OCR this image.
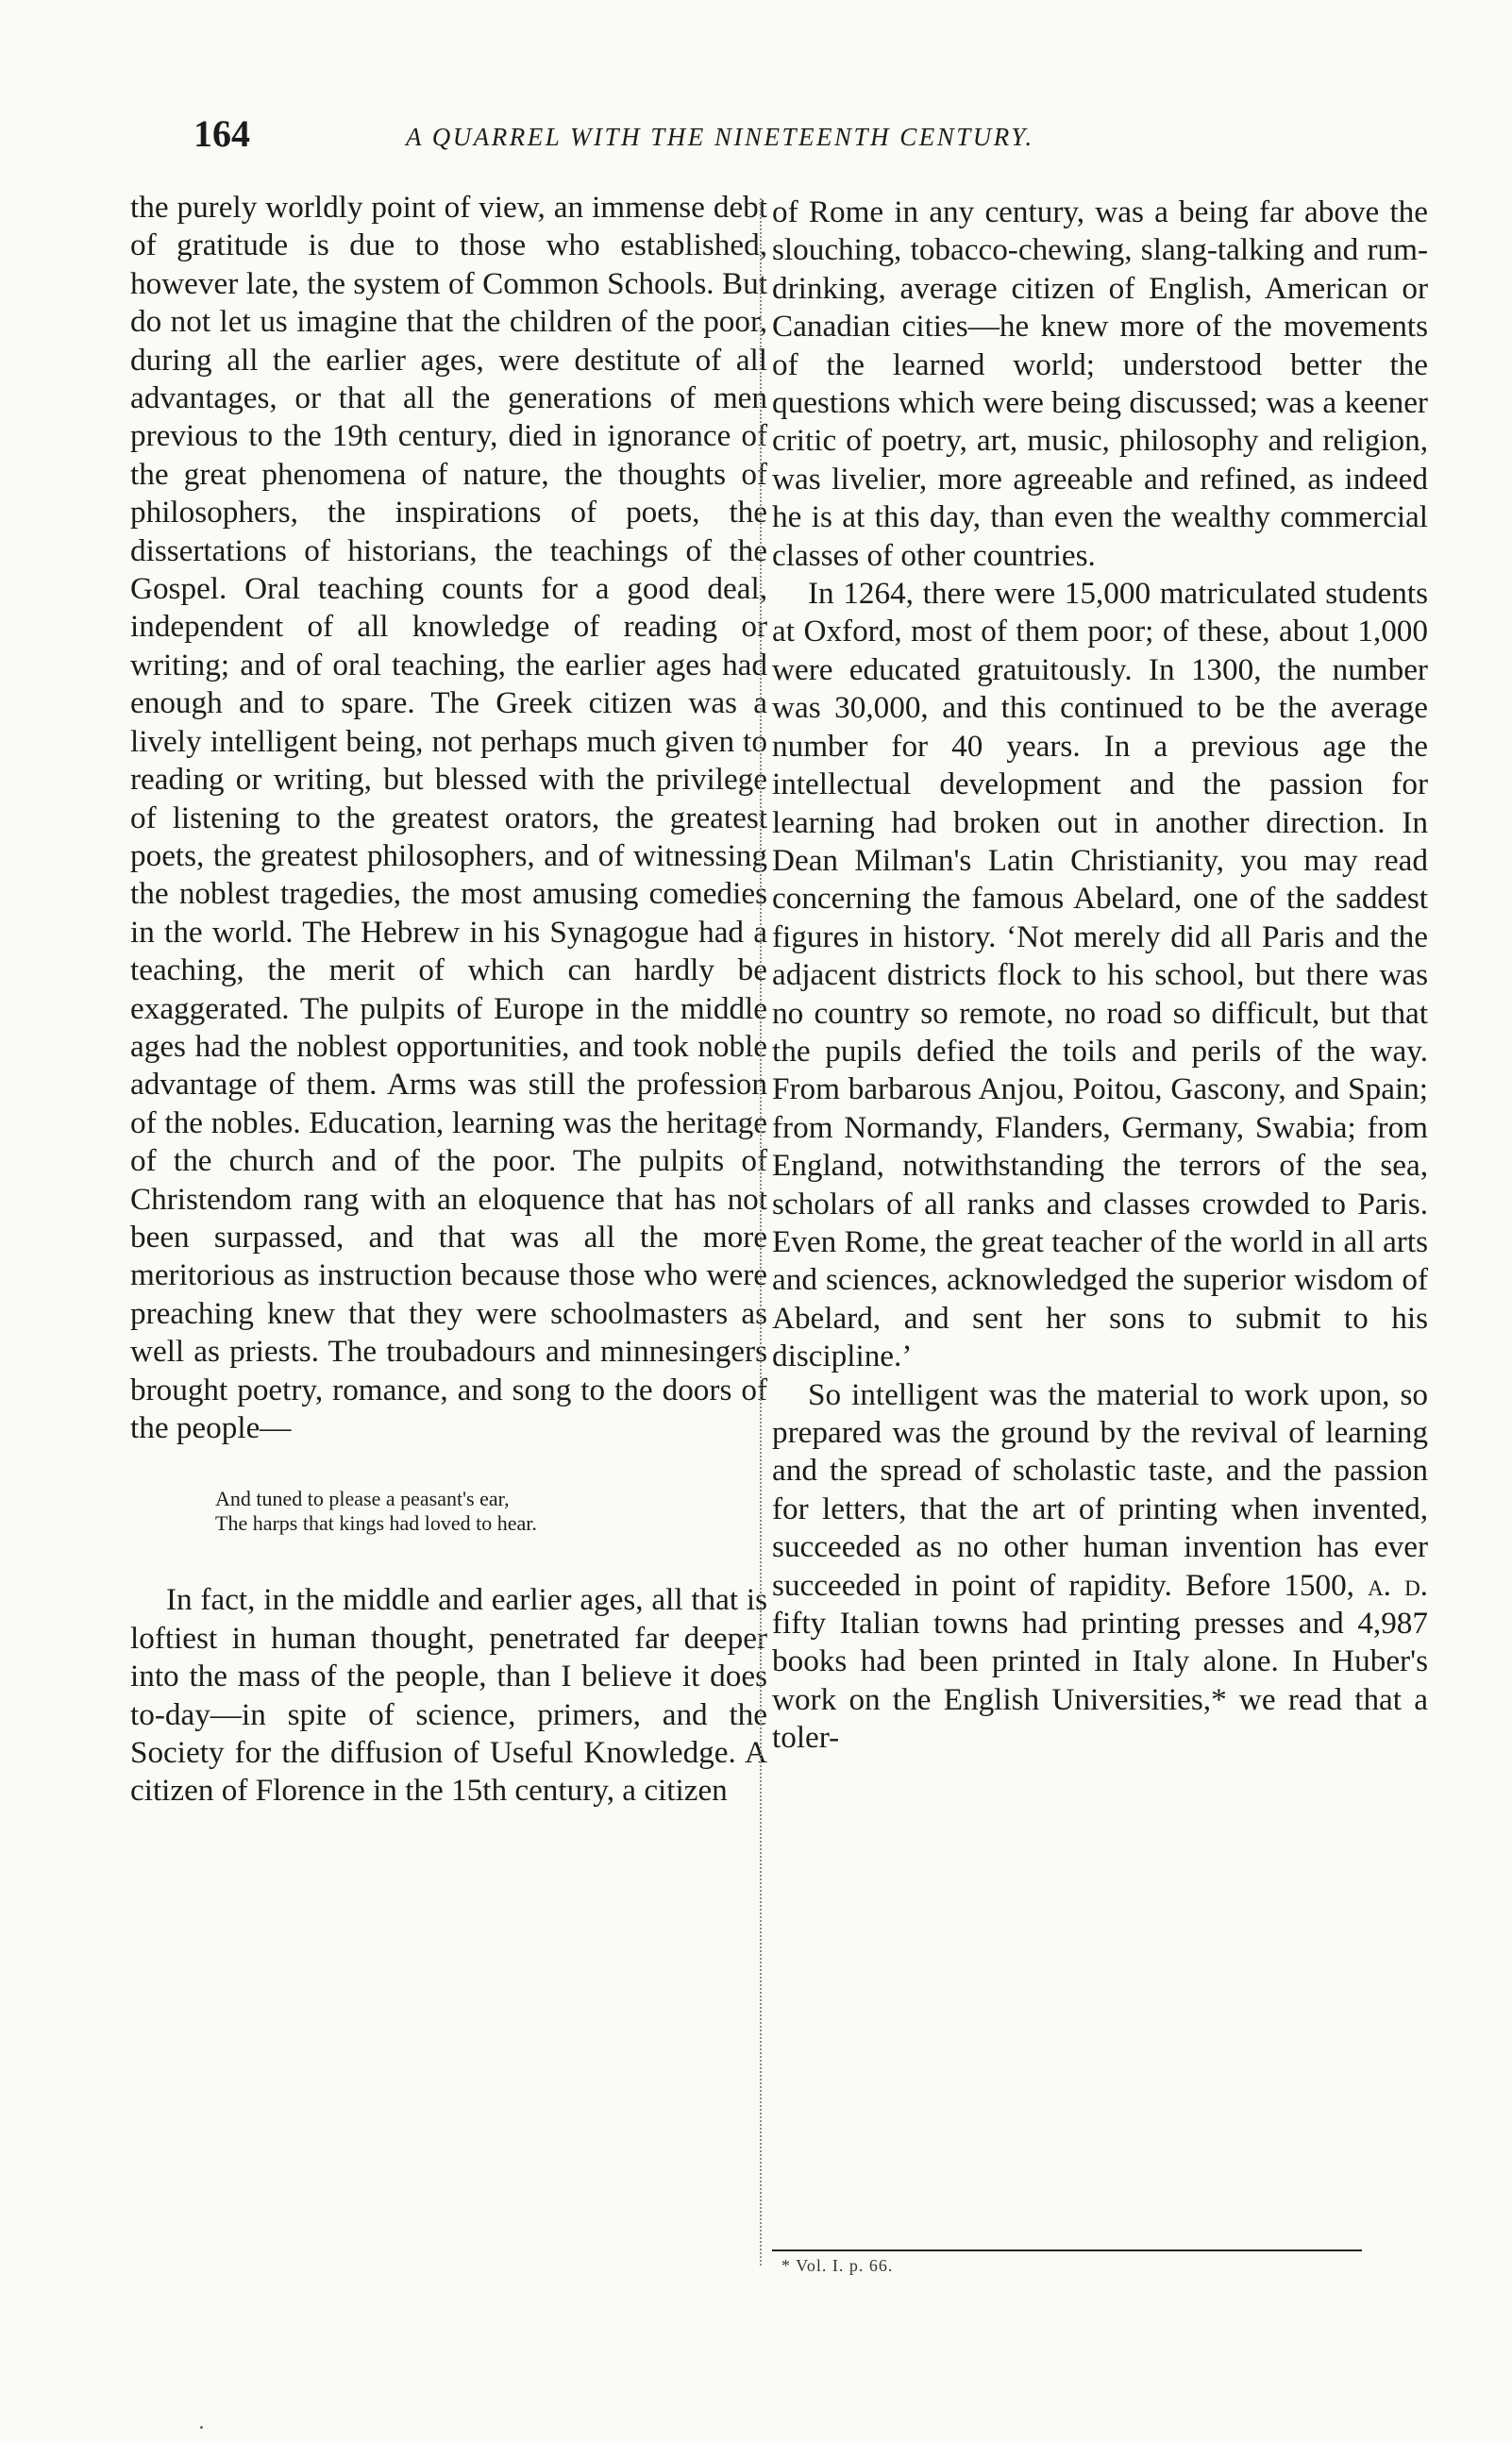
164	A QUARREL WITH THE NINETEENTH CENTURY.

the purely worldly point of view, an immense debt of gratitude is due to those who established, however late, the system of Common Schools. But do not let us imagine that the children of the poor, during all the earlier ages, were destitute of all advantages, or that all the generations of men previous to the 19th century, died in ignorance of the great phenomena of nature, the thoughts of philosophers, the inspirations of poets, the dissertations of historians, the teachings of the Gospel. Oral teaching counts for a good deal, independent of all knowledge of reading or writing; and of oral teaching, the earlier ages had enough and to spare. The Greek citizen was a lively intelligent being, not perhaps much given to reading or writing, but blessed with the privilege of listening to the greatest orators, the greatest poets, the greatest philosophers, and of witnessing the noblest tragedies, the most amusing comedies in the world. The Hebrew in his Synagogue had a teaching, the merit of which can hardly be exaggerated. The pulpits of Europe in the middle ages had the noblest opportunities, and took noble advantage of them. Arms was still the profession of the nobles. Education, learning was the heritage of the church and of the poor. The pulpits of Christendom rang with an eloquence that has not been surpassed, and that was all the more meritorious as instruction because those who were preaching knew that they were schoolmasters as well as priests. The troubadours and minnesingers brought poetry, romance, and song to the doors of the people—

And tuned to please a peasant's ear,
The harps that kings had loved to hear.

In fact, in the middle and earlier ages, all that is loftiest in human thought, penetrated far deeper into the mass of the people, than I believe it does to-day—in spite of science, primers, and the Society for the diffusion of Useful Knowledge. A citizen of Florence in the 15th century, a citizen

of Rome in any century, was a being far above the slouching, tobacco-chewing, slang-talking and rum-drinking, average citizen of English, American or Canadian cities—he knew more of the movements of the learned world; understood better the questions which were being discussed; was a keener critic of poetry, art, music, philosophy and religion, was livelier, more agreeable and refined, as indeed he is at this day, than even the wealthy commercial classes of other countries.

In 1264, there were 15,000 matriculated students at Oxford, most of them poor; of these, about 1,000 were educated gratuitously. In 1300, the number was 30,000, and this continued to be the average number for 40 years. In a previous age the intellectual development and the passion for learning had broken out in another direction. In Dean Milman's Latin Christianity, you may read concerning the famous Abelard, one of the saddest figures in history. ‘Not merely did all Paris and the adjacent districts flock to his school, but there was no country so remote, no road so difficult, but that the pupils defied the toils and perils of the way. From barbarous Anjou, Poitou, Gascony, and Spain; from Normandy, Flanders, Germany, Swabia; from England, notwithstanding the terrors of the sea, scholars of all ranks and classes crowded to Paris. Even Rome, the great teacher of the world in all arts and sciences, acknowledged the superior wisdom of Abelard, and sent her sons to submit to his discipline.’

So intelligent was the material to work upon, so prepared was the ground by the revival of learning and the spread of scholastic taste, and the passion for letters, that the art of printing when invented, succeeded as no other human invention has ever succeeded in point of rapidity. Before 1500, a. d. fifty Italian towns had printing presses and 4,987 books had been printed in Italy alone. In Huber's work on the English Universities,* we read that a toler-

* Vol. I. p. 66.
